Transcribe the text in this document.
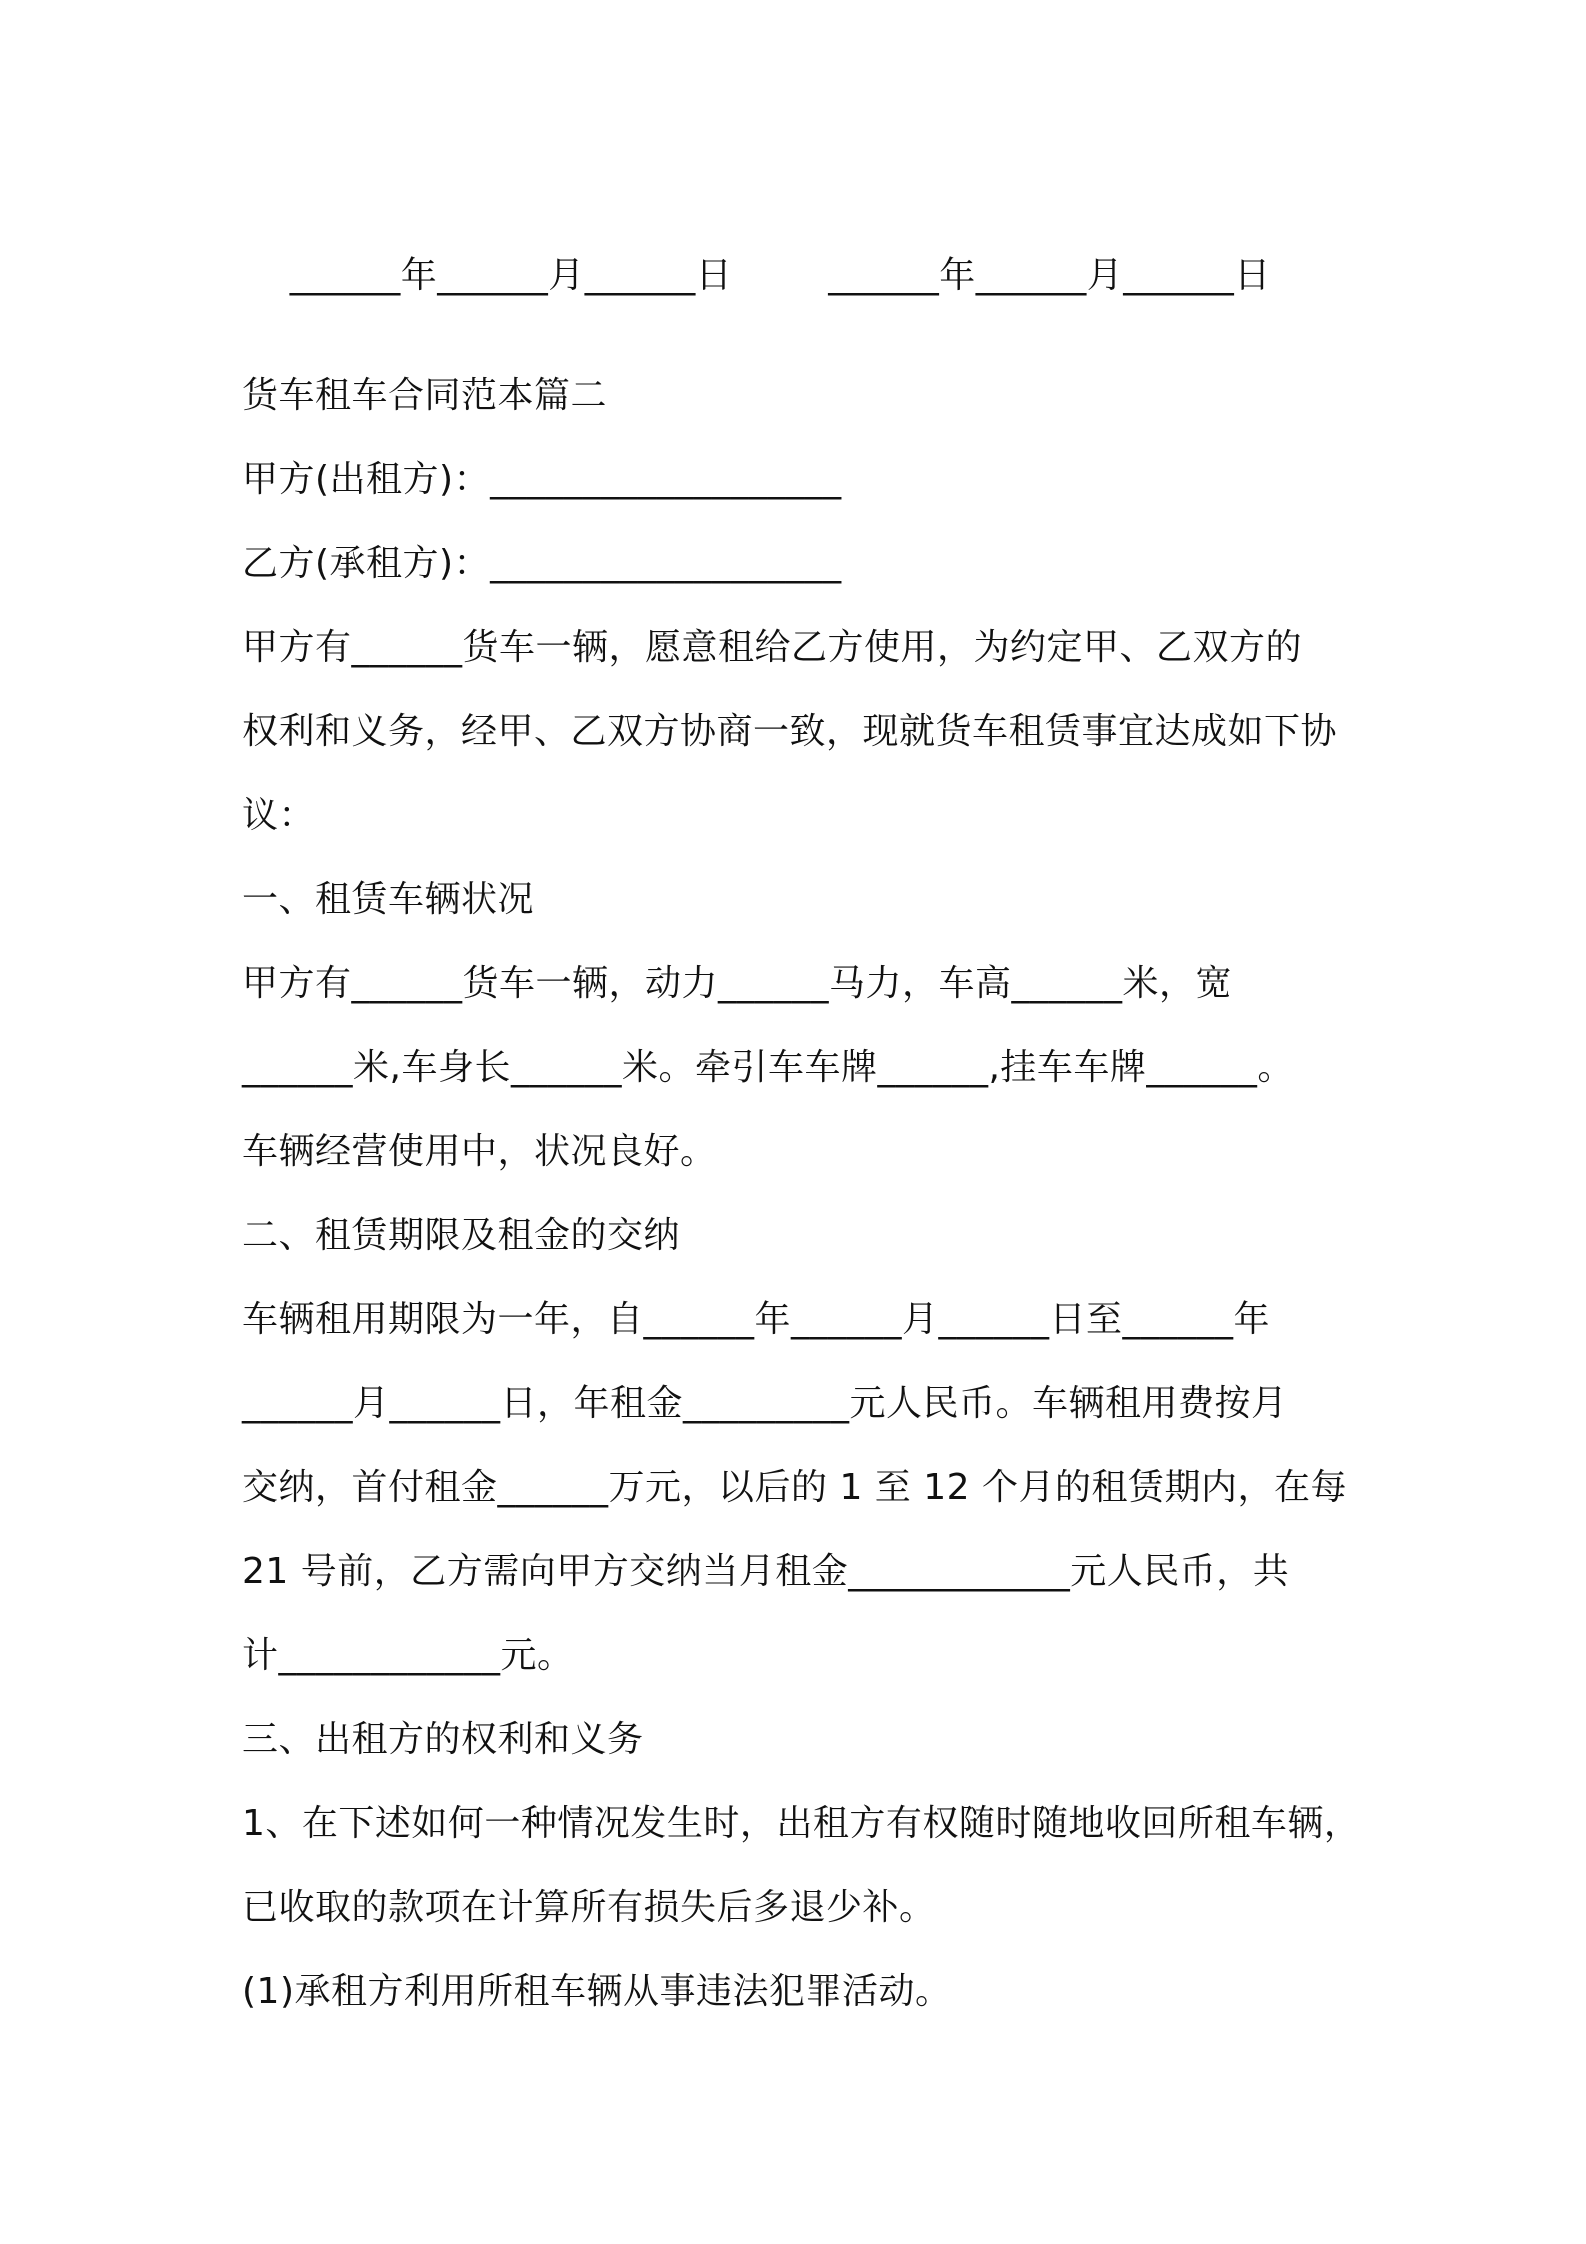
______年______月______日	______年______月______日

货车租车合同范本篇二
甲方(出租方)：___________________
乙方(承租方)：___________________
甲方有______货车一辆，愿意租给乙方使用，为约定甲、乙双方的
权利和义务，经甲、乙双方协商一致，现就货车租赁事宜达成如下协
议：
一、租赁车辆状况
甲方有______货车一辆，动力______马力，车高______米，宽
______米,车身长______米。牵引车车牌______,挂车车牌______。
车辆经营使用中，状况良好。
二、租赁期限及租金的交纳
车辆租用期限为一年，自______年______月______日至______年
______月______日，年租金_________元人民币。车辆租用费按月
交纳，首付租金______万元，以后的 1 至 12 个月的租赁期内，在每
21 号前，乙方需向甲方交纳当月租金____________元人民币，共
计____________元。
三、出租方的权利和义务
1、在下述如何一种情况发生时，出租方有权随时随地收回所租车辆，
已收取的款项在计算所有损失后多退少补。
(1)承租方利用所租车辆从事违法犯罪活动。
